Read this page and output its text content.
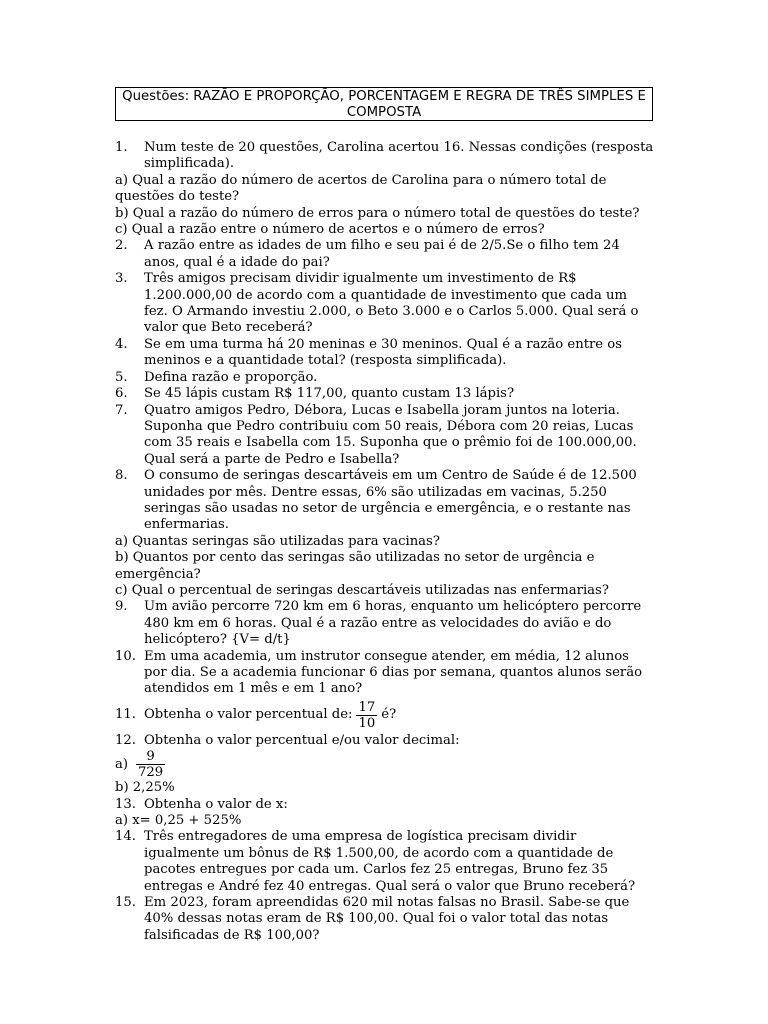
Questões: RAZÃO E PROPORÇÃO, PORCENTAGEM E REGRA DE TRÊS SIMPLES E COMPOSTA

1. Num teste de 20 questões, Carolina acertou 16. Nessas condições (resposta simplificada).

a) Qual a razão do número de acertos de Carolina para o número total de questões do teste?

b) Qual a razão do número de erros para o número total de questões do teste?

c) Qual a razão entre o número de acertos e o número de erros?

2. A razão entre as idades de um filho e seu pai é de 2/5.Se o filho tem 24 anos, qual é a idade do pai?

3. Três amigos precisam dividir igualmente um investimento de R$ 1.200.000,00 de acordo com a quantidade de investimento que cada um fez. O Armando investiu 2.000, o Beto 3.000 e o Carlos 5.000. Qual será o valor que Beto receberá?

4. Se em uma turma há 20 meninas e 30 meninos. Qual é a razão entre os meninos e a quantidade total? (resposta simplificada).

5. Defina razão e proporção.

6. Se 45 lápis custam R$ 117,00, quanto custam 13 lápis?

7. Quatro amigos Pedro, Débora, Lucas e Isabella joram juntos na loteria. Suponha que Pedro contribuiu com 50 reais, Débora com 20 reias, Lucas com 35 reais e Isabella com 15. Suponha que o prêmio foi de 100.000,00. Qual será a parte de Pedro e Isabella?

8. O consumo de seringas descartáveis em um Centro de Saúde é de 12.500 unidades por mês. Dentre essas, 6% são utilizadas em vacinas, 5.250 seringas são usadas no setor de urgência e emergência, e o restante nas enfermarias.

a) Quantas seringas são utilizadas para vacinas?

b) Quantos por cento das seringas são utilizadas no setor de urgência e emergência?

c) Qual o percentual de seringas descartáveis utilizadas nas enfermarias?

9. Um avião percorre 720 km em 6 horas, enquanto um helicóptero percorre 480 km em 6 horas. Qual é a razão entre as velocidades do avião e do helicóptero? {V= d/t}

10. Em uma academia, um instrutor consegue atender, em média, 12 alunos por dia. Se a academia funcionar 6 dias por semana, quantos alunos serão atendidos em 1 mês e em 1 ano?

11. Obtenha o valor percentual de: $\frac{17}{10}$ é?

12. Obtenha o valor percentual e/ou valor decimal:

$a) \frac{9}{729}$

b) 2,25%

13. Obtenha o valor de x:

a) x= 0,25 + 525%

14. Três entregadores de uma empresa de logística precisam dividir igualmente um bônus de R$ 1.500,00, de acordo com a quantidade de pacotes entregues por cada um. Carlos fez 25 entregas, Bruno fez 35 entregas e André fez 40 entregas. Qual será o valor que Bruno receberá?

15. Em 2023, foram apreendidas 620 mil notas falsas no Brasil. Sabe-se que 40% dessas notas eram de R$ 100,00. Qual foi o valor total das notas falsificadas de R$ 100,00?
